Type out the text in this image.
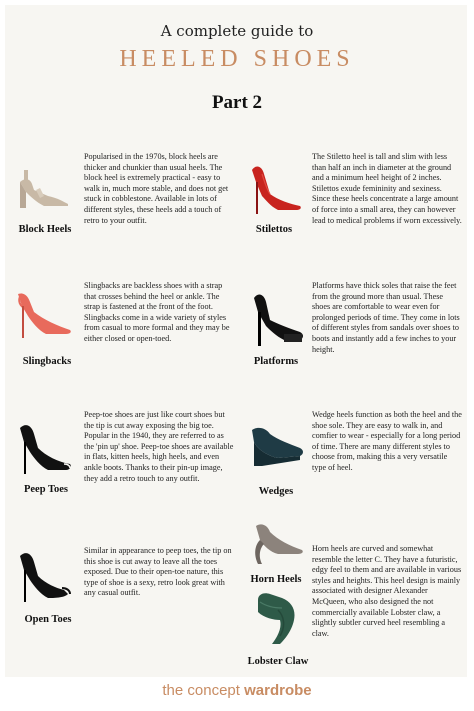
A complete guide to
HEELED SHOES
Part 2
Block Heels
Popularised in the 1970s, block heels are thicker and chunkier than usual heels. The block heel is extremely practical - easy to walk in, much more stable, and does not get stuck in cobblestone. Available in lots of different styles, these heels add a touch of retro to your outfit.
Stilettos
The Stiletto heel is tall and slim with less than half an inch in diameter at the ground and a minimum heel height of 2 inches. Stilettos exude femininity and sexiness. Since these heels concentrate a large amount of force into a small area, they can however lead to medical problems if worn excessively.
Slingbacks
Slingbacks are backless shoes with a strap that crosses behind the heel or ankle. The strap is fastened at the front of the foot. Slingbacks come in a wide variety of styles from casual to more formal and they may be either closed or open-toed.
Platforms
Platforms have thick soles that raise the feet from the ground more than usual. These shoes are comfortable to wear even for prolonged periods of time. They come in lots of different styles from sandals over shoes to boots and instantly add a few inches to your height.
Peep Toes
Peep-toe shoes are just like court shoes but the tip is cut away exposing the big toe. Popular in the 1940, they are referred to as the 'pin up' shoe. Peep-toe shoes are available in flats, kitten heels, high heels, and even ankle boots. Thanks to their pin-up image, they add a retro touch to any outfit.
Wedges
Wedge heels function as both the heel and the shoe sole. They are easy to walk in, and comfier to wear - especially for a long period of time. There are many different styles to choose from, making this a very versatile type of heel.
Open Toes
Similar in appearance to peep toes, the tip on this shoe is cut away to leave all the toes exposed. Due to their open-toe nature, this type of shoe is a sexy, retro look great with any casual outfit.
Horn Heels
Horn heels are curved and somewhat resemble the letter C. They have a futuristic, edgy feel to them and are available in various styles and heights. This heel design is mainly associated with designer Alexander McQueen, who also designed the not commercially available Lobster claw, a slightly subtler curved heel resembling a claw.
Lobster Claw
the concept wardrobe
